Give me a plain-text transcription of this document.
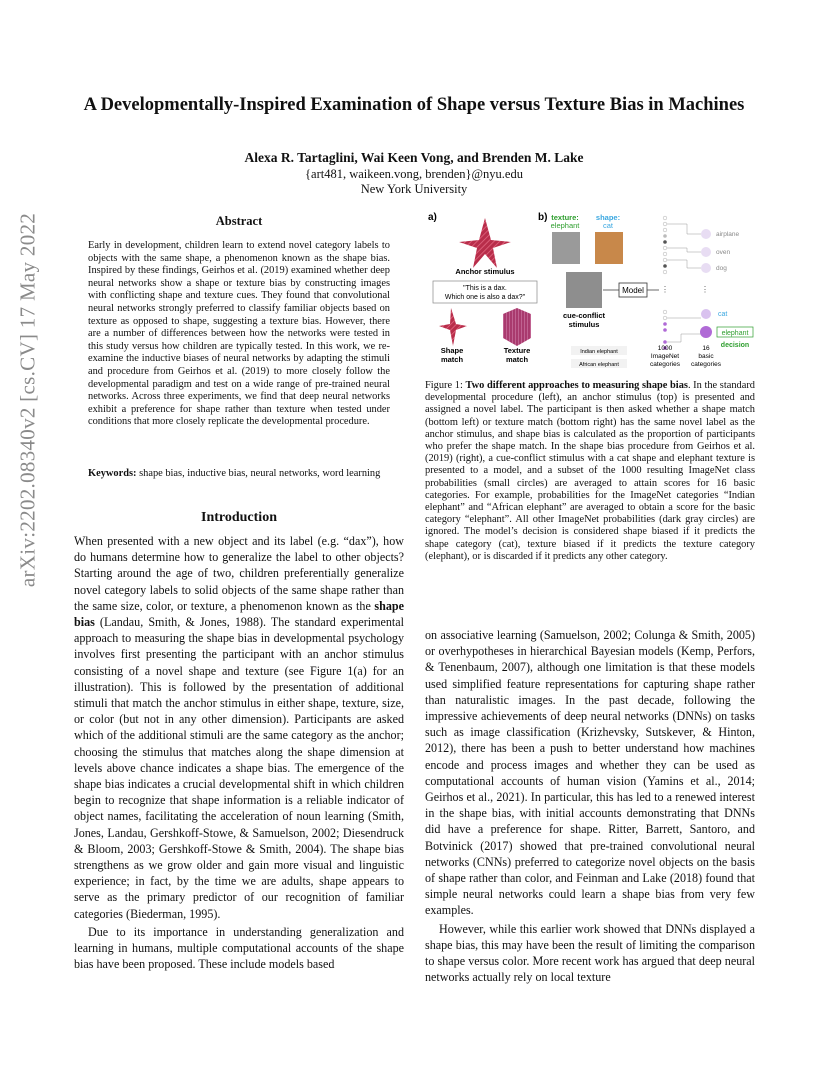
arXiv:2202.08340v2 [cs.CV] 17 May 2022
A Developmentally-Inspired Examination of Shape versus Texture Bias in Machines
Alexa R. Tartaglini, Wai Keen Vong, and Brenden M. Lake
{art481, waikeen.vong, brenden}@nyu.edu
New York University
Abstract
Early in development, children learn to extend novel category labels to objects with the same shape, a phenomenon known as the shape bias. Inspired by these findings, Geirhos et al. (2019) examined whether deep neural networks show a shape or texture bias by constructing images with conflicting shape and texture cues. They found that convolutional neural networks strongly preferred to classify familiar objects based on texture as opposed to shape, suggesting a texture bias. However, there are a number of differences between how the networks were tested in this study versus how children are typically tested. In this work, we re-examine the inductive biases of neural networks by adapting the stimuli and procedure from Geirhos et al. (2019) to more closely follow the developmental paradigm and test on a wide range of pre-trained neural networks. Across three experiments, we find that deep neural networks exhibit a preference for shape rather than texture when tested under conditions that more closely replicate the developmental procedure.
Keywords: shape bias, inductive bias, neural networks, word learning
Introduction

When presented with a new object and its label (e.g. “dax”), how do humans determine how to generalize the label to other objects? Starting around the age of two, children preferentially generalize novel category labels to solid objects of the same shape rather than the same size, color, or texture, a phenomenon known as the shape bias (Landau, Smith, & Jones, 1988). The standard experimental approach to measuring the shape bias in developmental psychology involves first presenting the participant with an anchor stimulus consisting of a novel shape and texture (see Figure 1(a) for an illustration). This is followed by the presentation of additional stimuli that match the anchor stimulus in either shape, texture, size, or color (but not in any other dimension). Participants are asked which of the additional stimuli are the same category as the anchor; choosing the stimulus that matches along the shape dimension at levels above chance indicates a shape bias. The emergence of the shape bias indicates a crucial developmental shift in which children begin to recognize that shape information is a reliable indicator of object names, facilitating the acceleration of noun learning (Smith, Jones, Landau, Gershkoff-Stowe, & Samuelson, 2002; Diesendruck & Bloom, 2003; Gershkoff-Stowe & Smith, 2004). The shape bias strengthens as we grow older and gain more visual and linguistic experience; in fact, by the time we are adults, shape appears to serve as the primary predictor of our recognition of familiar categories (Biederman, 1995).

Due to its importance in understanding generalization and learning in humans, multiple computational accounts of the shape bias have been proposed. These include models based

on associative learning (Samuelson, 2002; Colunga & Smith, 2005) or overhypotheses in hierarchical Bayesian models (Kemp, Perfors, & Tenenbaum, 2007), although one limitation is that these models used simplified feature representations for capturing shape rather than naturalistic images. In the past decade, following the impressive achievements of deep neural networks (DNNs) on tasks such as image classification (Krizhevsky, Sutskever, & Hinton, 2012), there has been a push to better understand how machines encode and process images and whether they can be used as computational accounts of human vision (Yamins et al., 2014; Geirhos et al., 2021). In particular, this has led to a renewed interest in the shape bias, with initial accounts demonstrating that DNNs did have a preference for shape. Ritter, Barrett, Santoro, and Botvinick (2017) showed that pre-trained convolutional neural networks (CNNs) preferred to categorize novel objects on the basis of shape rather than color, and Feinman and Lake (2018) found that simple neural networks could learn a shape bias from very few examples.

However, while this earlier work showed that DNNs displayed a shape bias, this may have been the result of limiting the comparison to shape versus color. More recent work has argued that deep neural networks actually rely on local texture

a)
Anchor stimulus
"This is a dax.
Which one is also a dax?"
Shape
match
Texture
match
b) texture:
elephant
shape:
cat
cue-conflict
stimulus
Model ⋮	⋮
airplane
oven
dog
cat
elephant
decision
Indian elephant
African elephant
1000
ImageNet
categories
16
basic
categories
Figure 1: Two different approaches to measuring shape bias. In the standard developmental procedure (left), an anchor stimulus (top) is presented and assigned a novel label. The participant is then asked whether a shape match (bottom left) or texture match (bottom right) has the same novel label as the anchor stimulus, and shape bias is calculated as the proportion of participants who prefer the shape match. In the shape bias procedure from Geirhos et al. (2019) (right), a cue-conflict stimulus with a cat shape and elephant texture is presented to a model, and a subset of the 1000 resulting ImageNet class probabilities (small circles) are averaged to attain scores for 16 basic categories. For example, probabilities for the ImageNet categories “Indian elephant” and “African elephant” are averaged to obtain a score for the basic category “elephant”. All other ImageNet probabilities (dark gray circles) are ignored. The model’s decision is considered shape biased if it predicts the shape category (cat), texture biased if it predicts the texture category (elephant), or is discarded if it predicts any other category.
